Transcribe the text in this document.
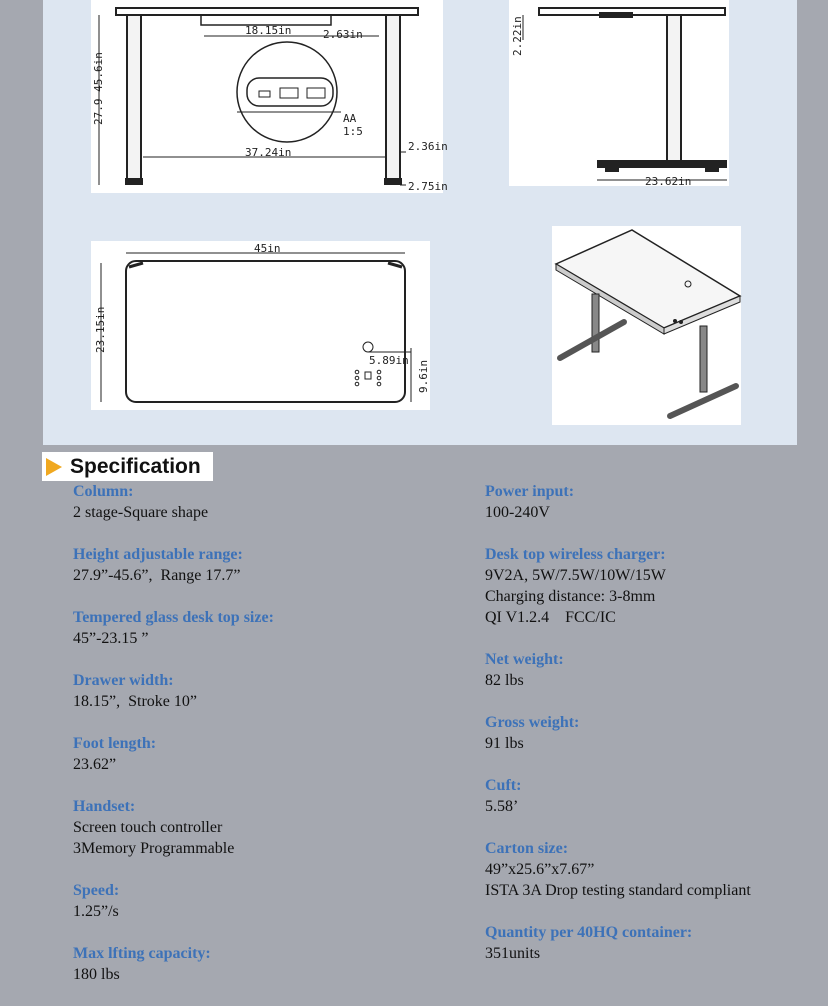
27.9-45.6in
18.15in	2.63in
37.24in	2.36in
2.75in
AA
1:5
2.22in
23.62in
45in
23.15in
5.89in 9.6in
Specification
Column:
2 stage-Square shape
Height adjustable range:
27.9”-45.6”,  Range 17.7”
Tempered glass desk top size:
45”-23.15 ”
Drawer width:
18.15”,  Stroke 10”
Foot length:
23.62”
Handset:
Screen touch controller
3Memory Programmable
Speed:
1.25”/s
Max lfting capacity:
180 lbs
Power input:
100-240V
Desk top wireless charger:
9V2A, 5W/7.5W/10W/15W
Charging distance: 3-8mm
QI V1.2.4    FCC/IC
Net weight:
82 lbs
Gross weight:
91 lbs
Cuft:
5.58’
Carton size:
49”x25.6”x7.67”
ISTA 3A Drop testing standard compliant
Quantity per 40HQ container:
351units
